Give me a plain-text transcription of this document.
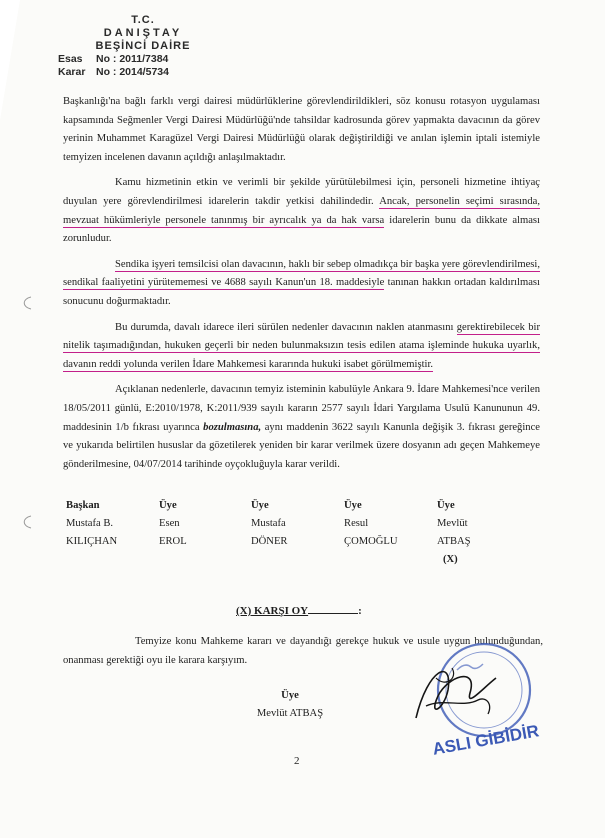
T.C.
DANIŞTAY
BEŞİNCİ DAİRE
Esas No : 2011/7384
Karar No : 2014/5734

Başkanlığı'na bağlı farklı vergi dairesi müdürlüklerine görevlendirildikleri, söz konusu rotasyon uygulaması kapsamında Seğmenler Vergi Dairesi Müdürlüğü'nde tahsildar kadrosunda görev yapmakta davacının da görev yerinin Muhammet Karagüzel Vergi Dairesi Müdürlüğü olarak değiştirildiği ve anılan işlemin iptali istemiyle temyizen incelenen davanın açıldığı anlaşılmaktadır.

Kamu hizmetinin etkin ve verimli bir şekilde yürütülebilmesi için, personeli hizmetine ihtiyaç duyulan yere görevlendirilmesi idarelerin takdir yetkisi dahilindedir. Ancak, personelin seçimi sırasında, mevzuat hükümleriyle personele tanınmış bir ayrıcalık ya da hak varsa idarelerin bunu da dikkate alması zorunludur.

Sendika işyeri temsilcisi olan davacının, haklı bir sebep olmadıkça bir başka yere görevlendirilmesi, sendikal faaliyetini yürütememesi ve 4688 sayılı Kanun'un 18. maddesiyle tanınan hakkın ortadan kaldırılması sonucunu doğurmaktadır.

Bu durumda, davalı idarece ileri sürülen nedenler davacının naklen atanmasını gerektirebilecek bir nitelik taşımadığından, hukuken geçerli bir neden bulunmaksızın tesis edilen atama işleminde hukuka uyarlık, davanın reddi yolunda verilen İdare Mahkemesi kararında hukuki isabet görülmemiştir.

Açıklanan nedenlerle, davacının temyiz isteminin kabulüyle Ankara 9. İdare Mahkemesi'nce verilen 18/05/2011 günlü, E:2010/1978, K:2011/939 sayılı kararın 2577 sayılı İdari Yargılama Usulü Kanununun 49. maddesinin 1/b fıkrası uyarınca bozulmasına, aynı maddenin 3622 sayılı Kanunla değişik 3. fıkrası gereğince ve yukarıda belirtilen hususlar da gözetilerek yeniden bir karar verilmek üzere dosyanın adı geçen Mahkemeye gönderilmesine, 04/07/2014 tarihinde oyçokluğuyla karar verildi.

Başkan	Üye	Üye	Üye	Üye
Mustafa B.	Esen	Mustafa	Resul	Mevlüt
KILIÇHAN	EROL	DÖNER	ÇOMOĞLU	ATBAŞ
(X)
(X) KARŞI OY	:

Temyize konu Mahkeme kararı ve dayandığı gerekçe hukuk ve usule uygun bulunduğundan, onanması gerektiği oyu ile karara karşıyım.

Üye
Mevlüt ATBAŞ
ASLI GİBİDİR
2
